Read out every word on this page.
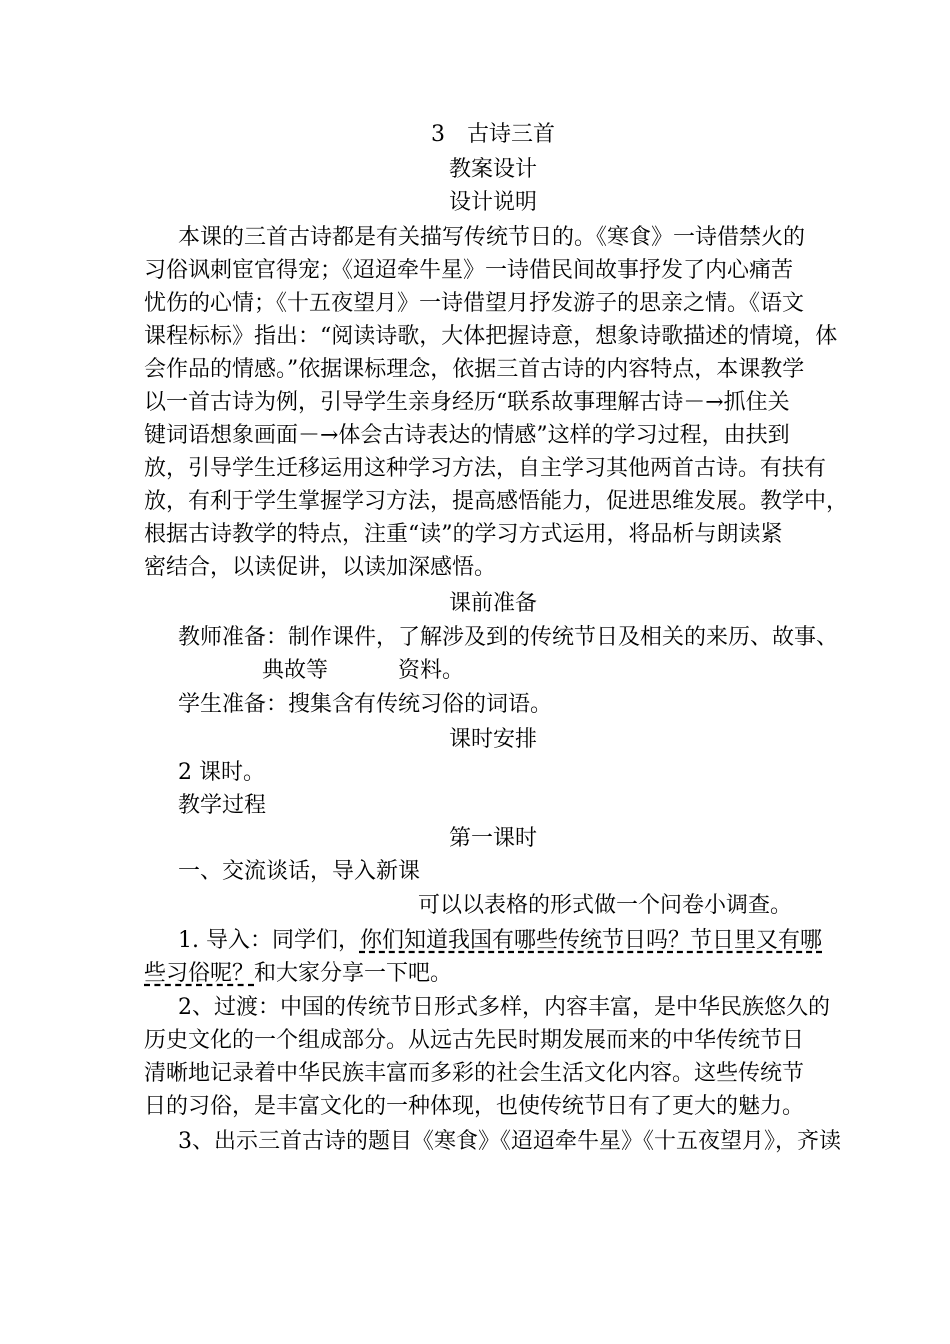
3　古诗三首

教案设计

设计说明

本课的三首古诗都是有关描写传统节日的。《寒食》一诗借禁火的

习俗讽刺宦官得宠；《迢迢牵牛星》一诗借民间故事抒发了内心痛苦

忧伤的心情；《十五夜望月》一诗借望月抒发游子的思亲之情。《语文

课程标标》指出：“阅读诗歌，大体把握诗意，想象诗歌描述的情境，体

会作品的情感。”依据课标理念，依据三首古诗的内容特点，本课教学

以一首古诗为例，引导学生亲身经历“联系故事理解古诗－→抓住关

键词语想象画面－→体会古诗表达的情感”这样的学习过程，由扶到

放，引导学生迁移运用这种学习方法，自主学习其他两首古诗。有扶有

放，有利于学生掌握学习方法，提高感悟能力，促进思维发展。教学中，

根据古诗教学的特点，注重“读”的学习方式运用，将品析与朗读紧

密结合，以读促讲，以读加深感悟。

课前准备

教师准备：制作课件，了解涉及到的传统节日及相关的来历、故事、

典故等	资料。

学生准备：搜集含有传统习俗的词语。

课时安排

2 课时。

教学过程

第一课时

一、交流谈话，导入新课

可以以表格的形式做一个问卷小调查。

1. 导入：同学们，你们知道我国有哪些传统节日吗？节日里又有哪

些习俗呢？和大家分享一下吧。

2、过渡：中国的传统节日形式多样，内容丰富，是中华民族悠久的

历史文化的一个组成部分。从远古先民时期发展而来的中华传统节日

清晰地记录着中华民族丰富而多彩的社会生活文化内容。这些传统节

日的习俗，是丰富文化的一种体现，也使传统节日有了更大的魅力。

3、出示三首古诗的题目《寒食》《迢迢牵牛星》《十五夜望月》，齐读
